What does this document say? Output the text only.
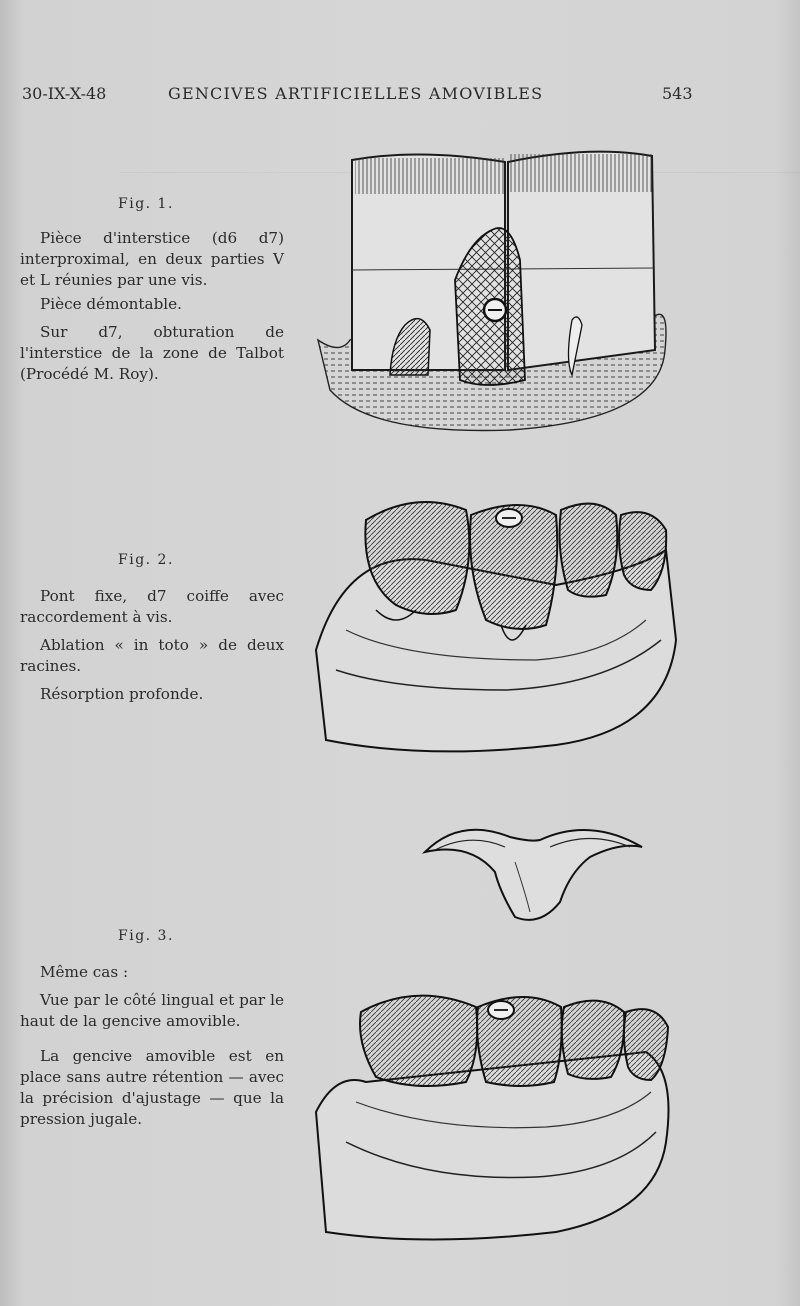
30-IX-X-48	GENCIVES ARTIFICIELLES AMOVIBLES	543
Fig. 1.

Pièce d'interstice (d6 d7) interproximal, en deux parties V et L réunies par une vis.

Pièce démontable.

Sur d7, obturation de l'interstice de la zone de Talbot (Procédé M. Roy).

Fig. 2.

Pont fixe, d7 coiffe avec raccordement à vis.

Ablation « in toto » de deux racines.

Résorption profonde.

Fig. 3.

Même cas :

Vue par le côté lingual et par le haut de la gencive amovible.

La gencive amovible est en place sans autre rétention — avec la précision d'ajustage — que la pression jugale.
